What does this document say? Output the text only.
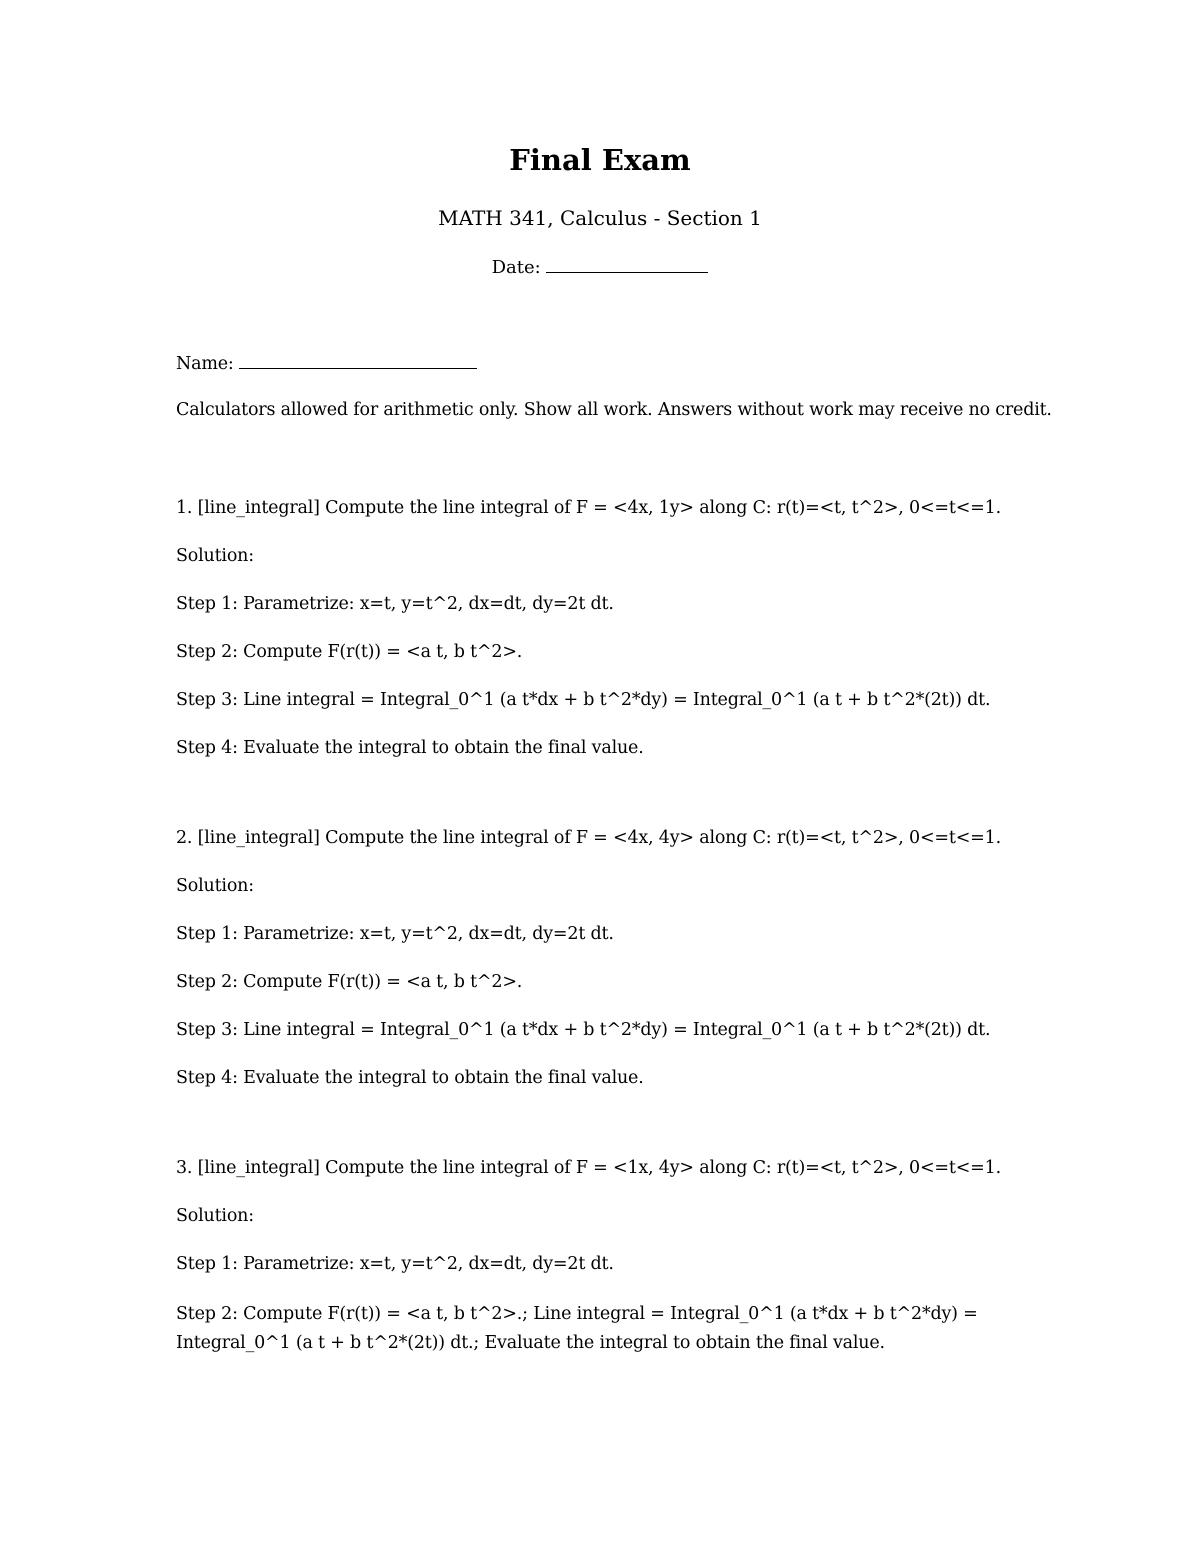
Final Exam
MATH 341, Calculus - Section 1
Date:

Name:

Calculators allowed for arithmetic only. Show all work. Answers without work may receive no credit.

1. [line_integral] Compute the line integral of F = <4x, 1y> along C: r(t)=<t, t^2>, 0<=t<=1.

Solution:

Step 1: Parametrize: x=t, y=t^2, dx=dt, dy=2t dt.

Step 2: Compute F(r(t)) = <a t, b t^2>.

Step 3: Line integral = Integral_0^1 (a t*dx + b t^2*dy) = Integral_0^1 (a t + b t^2*(2t)) dt.

Step 4: Evaluate the integral to obtain the final value.

2. [line_integral] Compute the line integral of F = <4x, 4y> along C: r(t)=<t, t^2>, 0<=t<=1.

Solution:

Step 1: Parametrize: x=t, y=t^2, dx=dt, dy=2t dt.

Step 2: Compute F(r(t)) = <a t, b t^2>.

Step 3: Line integral = Integral_0^1 (a t*dx + b t^2*dy) = Integral_0^1 (a t + b t^2*(2t)) dt.

Step 4: Evaluate the integral to obtain the final value.

3. [line_integral] Compute the line integral of F = <1x, 4y> along C: r(t)=<t, t^2>, 0<=t<=1.

Solution:

Step 1: Parametrize: x=t, y=t^2, dx=dt, dy=2t dt.

Step 2: Compute F(r(t)) = <a t, b t^2>.; Line integral = Integral_0^1 (a t*dx + b t^2*dy) = Integral_0^1 (a t + b t^2*(2t)) dt.; Evaluate the integral to obtain the final value.
